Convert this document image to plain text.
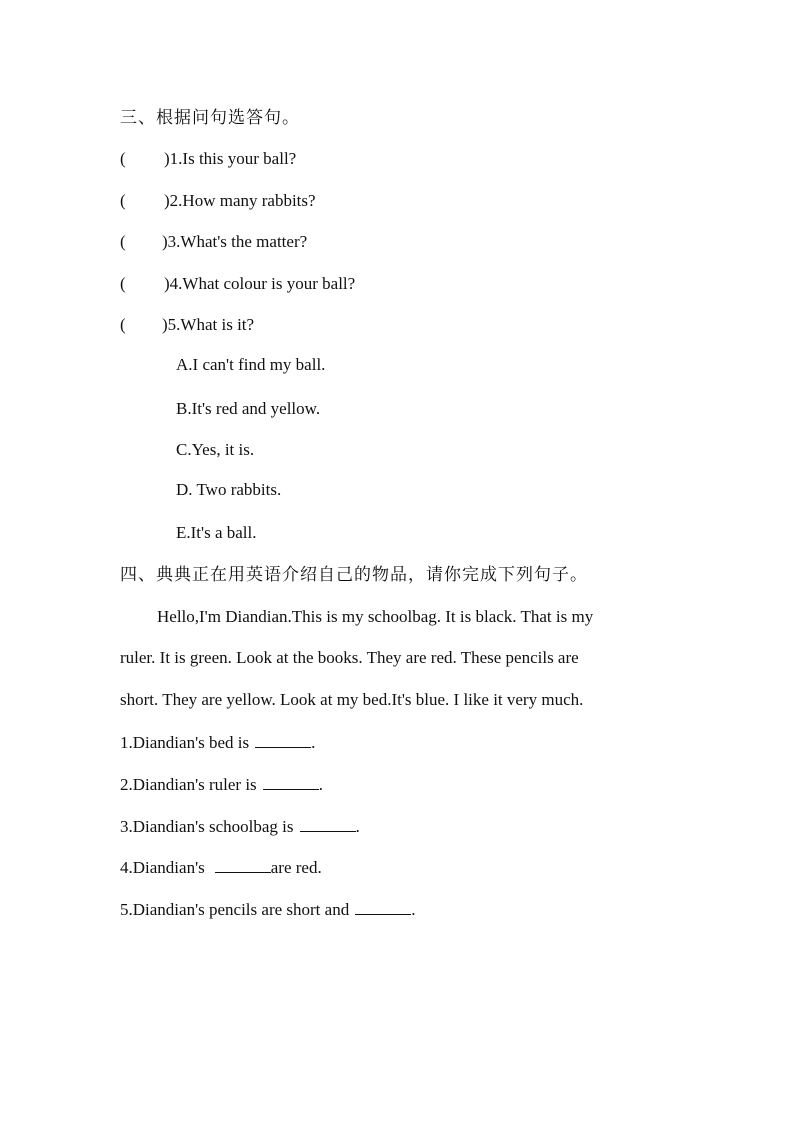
三、根据问句选答句。
( )1.Is this your ball?
( )2.How many rabbits?
( )3.What's the matter?
( )4.What colour is your ball?
( )5.What is it?
A.I can't find my ball.
B.It's red and yellow.
C.Yes, it is.
D. Two rabbits.
E.It's a ball.
四、典典正在用英语介绍自己的物品，请你完成下列句子。
Hello,I'm Diandian.This is my schoolbag. It is black. That is my
ruler. It is green. Look at the books. They are red. These pencils are
short. They are yellow. Look at my bed.It's blue. I like it very much.
1.Diandian's bed is	.
2.Diandian's ruler is	.
3.Diandian's schoolbag is	.
4.Diandian's	are red.
5.Diandian's pencils are short and	.
